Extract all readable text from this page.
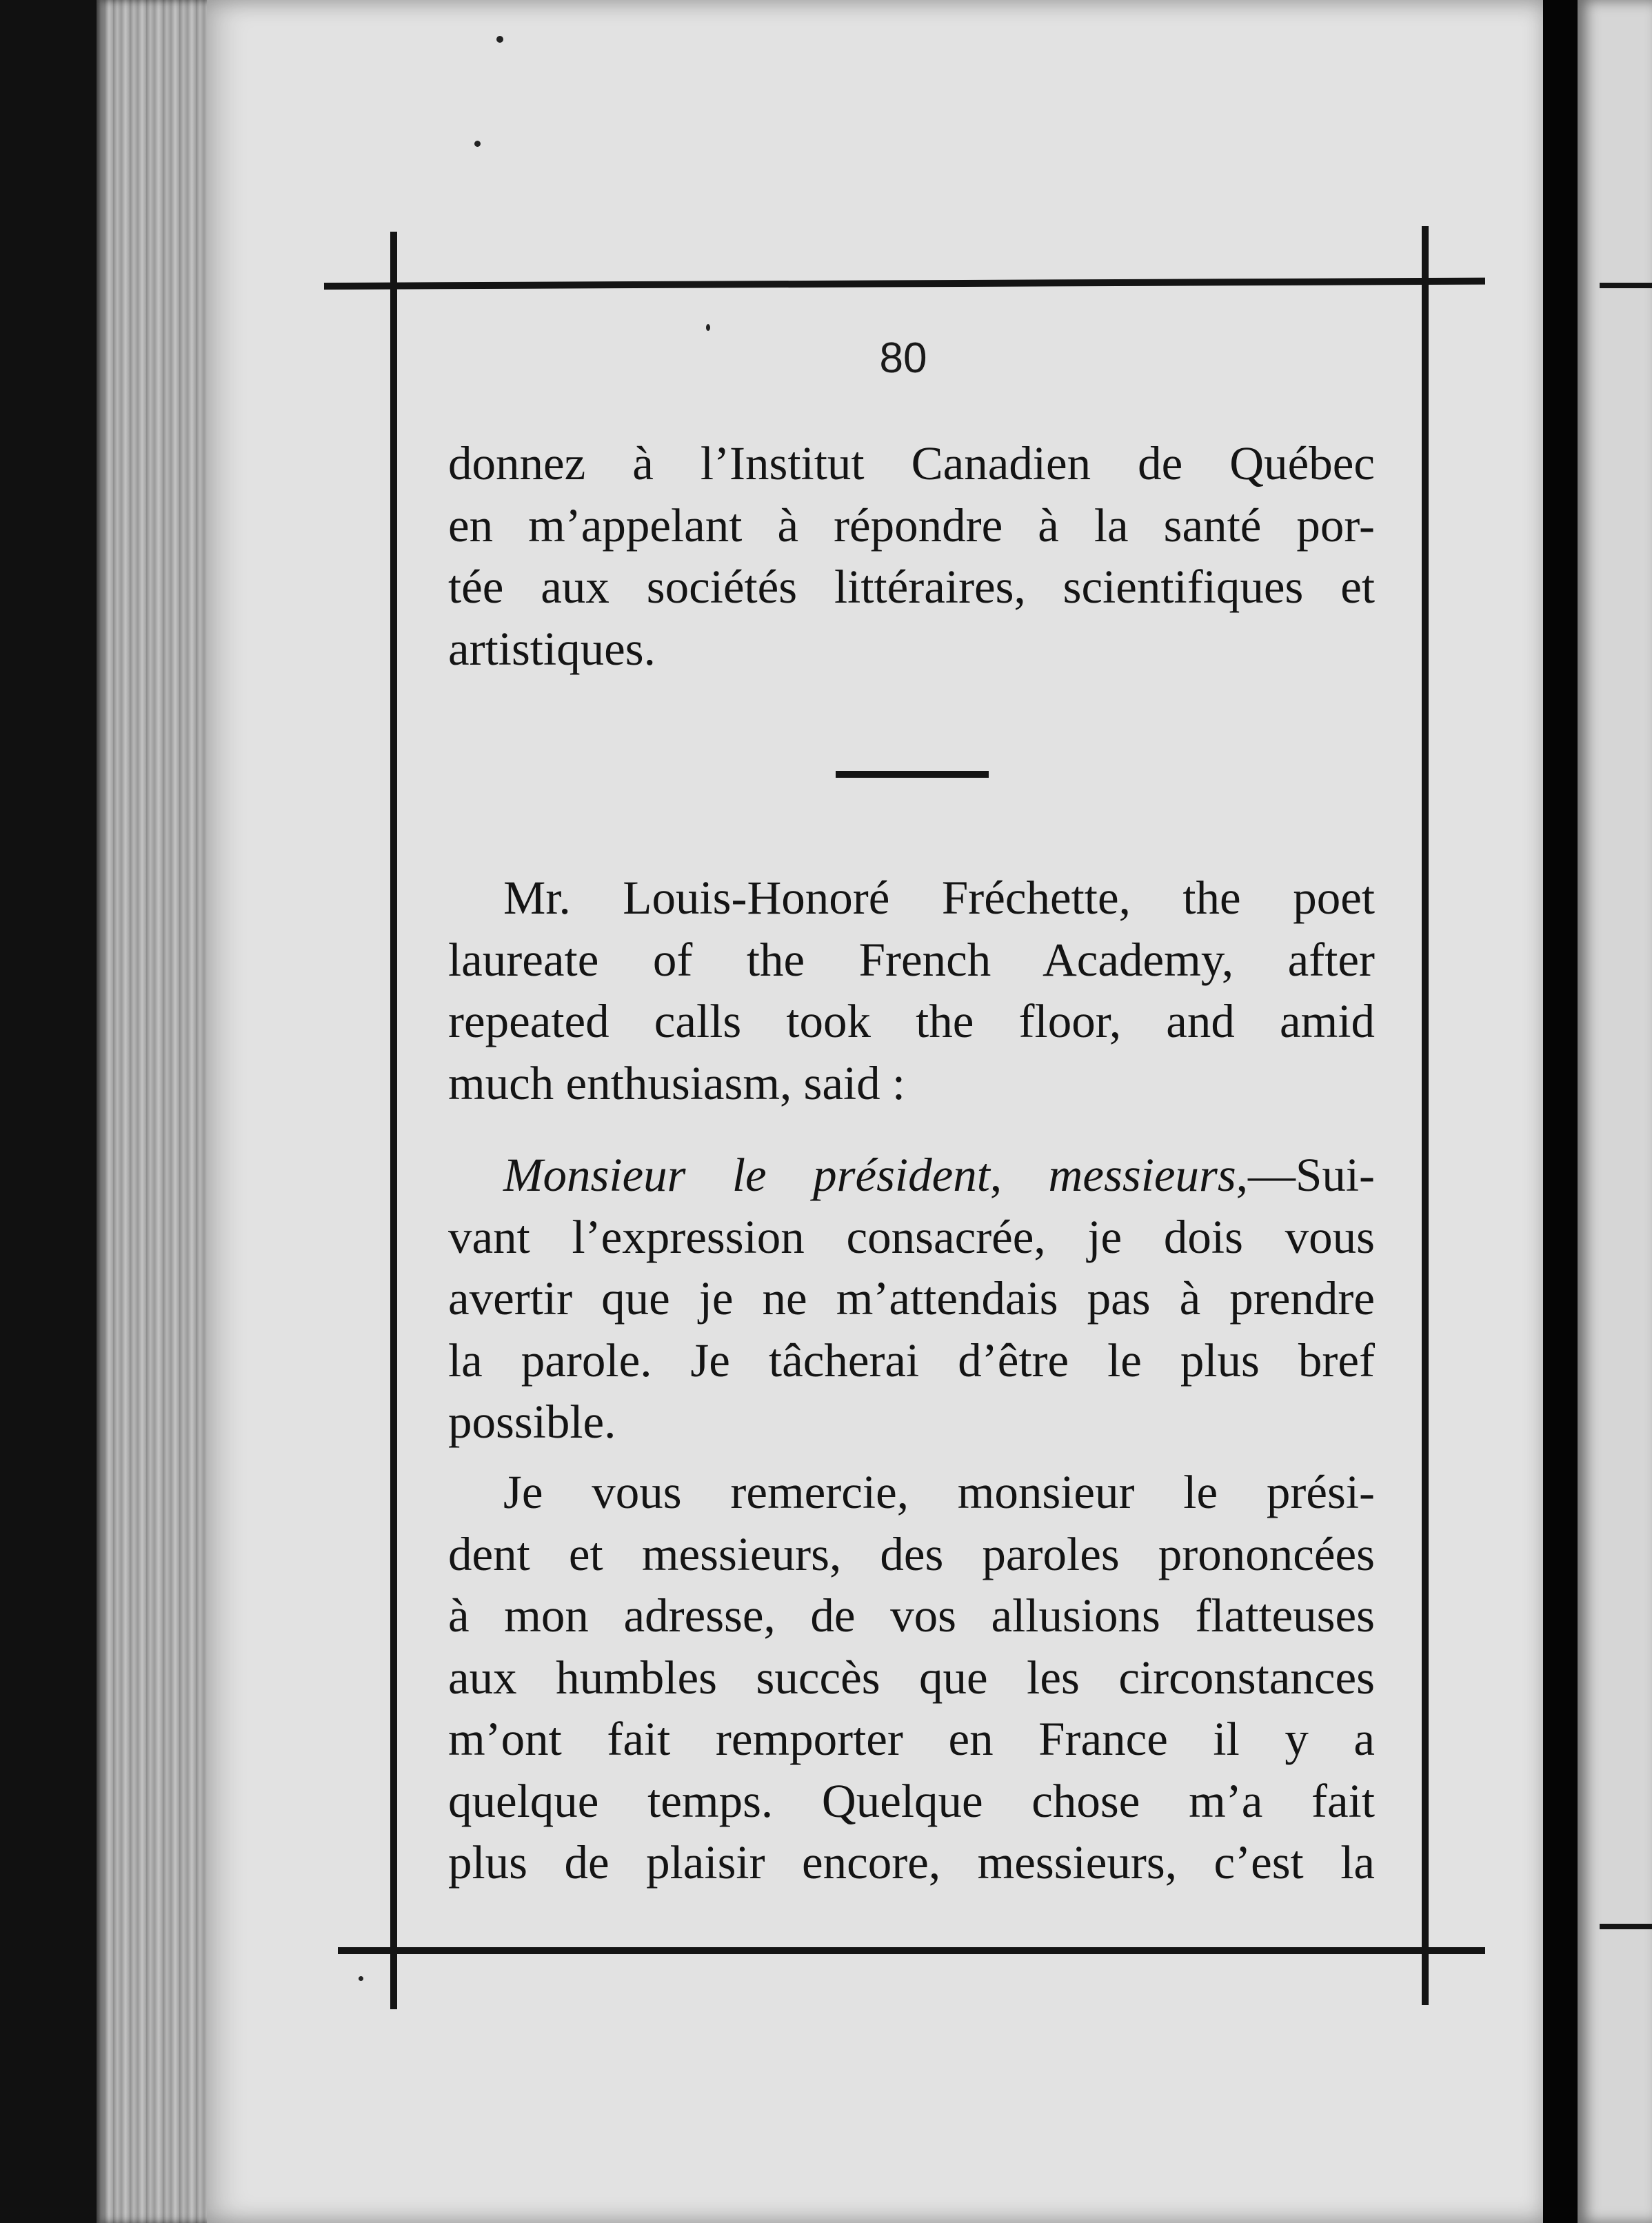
80
donnez à l’Institut Canadien de Québec
en m’appelant à répondre à la santé por-
tée aux sociétés littéraires, scientifiques et
artistiques.
Mr. Louis-Honoré Fréchette, the poet
laureate of the French Academy, after
repeated calls took the floor, and amid
much enthusiasm, said :
Monsieur le président, messieurs,—Sui-
vant l’expression consacrée, je dois vous
avertir que je ne m’attendais pas à prendre
la parole. Je tâcherai d’être le plus bref
possible.
Je vous remercie, monsieur le prési-
dent et messieurs, des paroles prononcées
à mon adresse, de vos allusions flatteuses
aux humbles succès que les circonstances
m’ont fait remporter en France il y a
quelque temps. Quelque chose m’a fait
plus de plaisir encore, messieurs, c’est la
